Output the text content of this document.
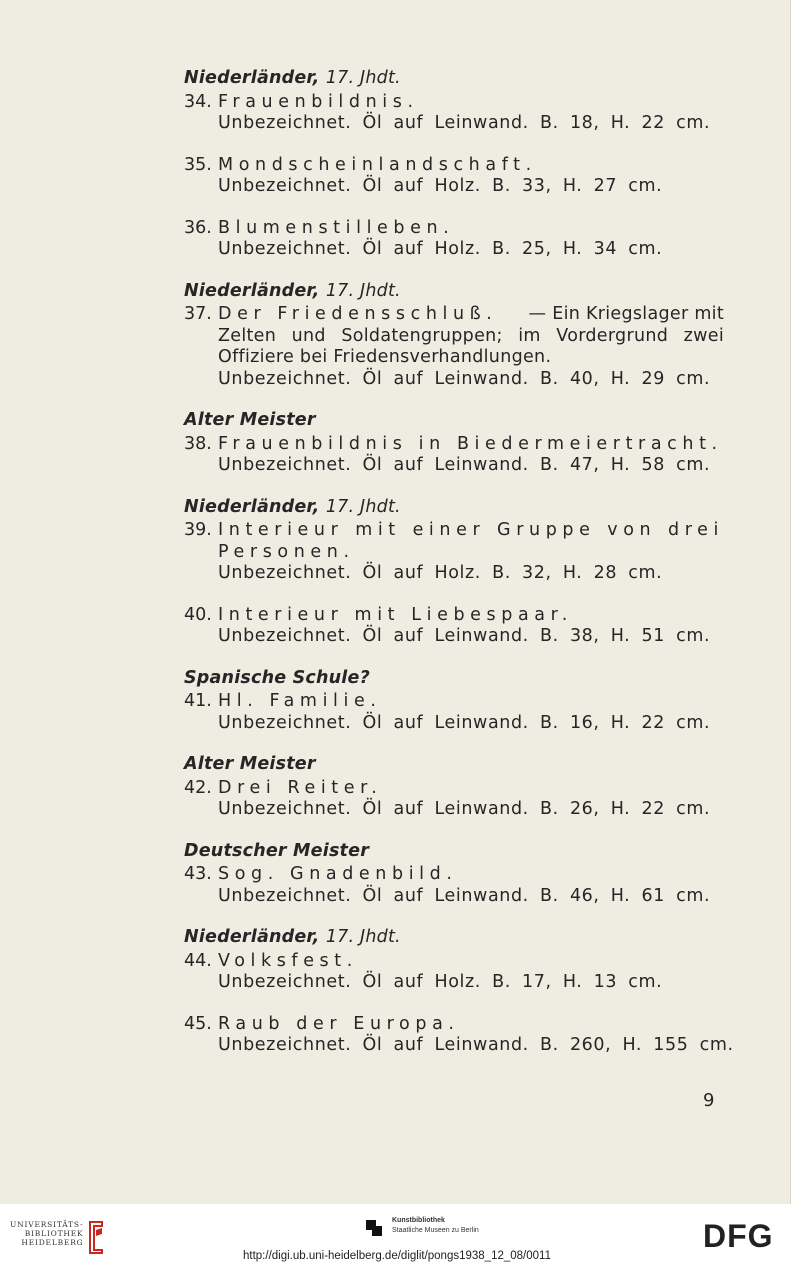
Niederländer, 17. Jhdt.
34. Frauenbildnis.
Unbezeichnet. Öl auf Leinwand. B. 18, H. 22 cm.
35. Mondscheinlandschaft.
Unbezeichnet. Öl auf Holz. B. 33, H. 27 cm.
36. Blumenstilleben.
Unbezeichnet. Öl auf Holz. B. 25, H. 34 cm.
Niederländer, 17. Jhdt.
37. Der Friedensschluß. — Ein Kriegslager mit
Zelten und Soldatengruppen; im Vordergrund zwei
Offiziere bei Friedensverhandlungen.
Unbezeichnet. Öl auf Leinwand. B. 40, H. 29 cm.
Alter Meister
38. Frauenbildnis in Biedermeiertracht.
Unbezeichnet. Öl auf Leinwand. B. 47, H. 58 cm.
Niederländer, 17. Jhdt.
39. Interieur mit einer Gruppe von drei
Personen.
Unbezeichnet. Öl auf Holz. B. 32, H. 28 cm.
40. Interieur mit Liebespaar.
Unbezeichnet. Öl auf Leinwand. B. 38, H. 51 cm.
Spanische Schule?
41. Hl. Familie.
Unbezeichnet. Öl auf Leinwand. B. 16, H. 22 cm.
Alter Meister
42. Drei Reiter.
Unbezeichnet. Öl auf Leinwand. B. 26, H. 22 cm.
Deutscher Meister
43. Sog. Gnadenbild.
Unbezeichnet. Öl auf Leinwand. B. 46, H. 61 cm.
Niederländer, 17. Jhdt.
44. Volksfest.
Unbezeichnet. Öl auf Holz. B. 17, H. 13 cm.
45. Raub der Europa.
Unbezeichnet. Öl auf Leinwand. B. 260, H. 155 cm.
9
UNIVERSITÄTS-
BIBLIOTHEK
HEIDELBERG
Kunstbibliothek
Staatliche Museen zu Berlin	DFG
http://digi.ub.uni-heidelberg.de/diglit/pongs1938_12_08/0011
